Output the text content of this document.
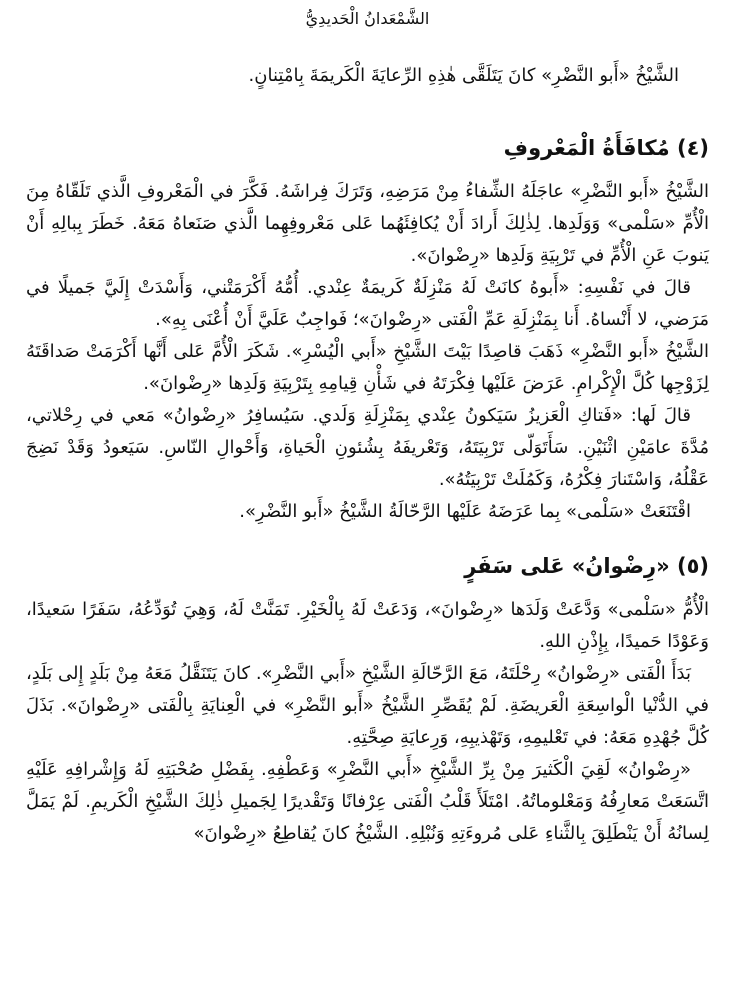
الشَّمْعَدانُ الْحَديدِيُّ

الشَّيْخُ «أَبو النَّضْرِ» كانَ يَتَلَقَّى هٰذِهِ الرِّعايَةَ الْكَريمَةَ بِامْتِنانٍ.

(٤) مُكافَأَةُ الْمَعْروفِ

الشَّيْخُ «أَبو النَّضْرِ» عاجَلَهُ الشِّفاءُ مِنْ مَرَضِهِ، وَتَرَكَ فِراشَهُ. فَكَّرَ في الْمَعْروفِ الَّذي تَلَقّاهُ مِنَ الْأُمِّ «سَلْمى» وَوَلَدِها. لِذٰلِكَ أَرادَ أَنْ يُكافِئَهُما عَلى مَعْروفِهِما الَّذي صَنَعاهُ مَعَهُ. خَطَرَ بِبالِهِ أَنْ يَنوبَ عَنِ الْأُمِّ في تَرْبِيَةِ وَلَدِها «رِضْوانَ».

قالَ في نَفْسِهِ: «أَبوهُ كانَتْ لَهُ مَنْزِلَةٌ كَريمَةٌ عِنْدي. أُمُّهُ أَكْرَمَتْني، وَأَسْدَتْ إِلَيَّ جَميلًا في مَرَضي، لا أَنْساهُ. أَنا بِمَنْزِلَةِ عَمِّ الْفَتى «رِضْوانَ»؛ فَواجِبٌ عَلَيَّ أَنْ أُعْنَى بِهِ».

الشَّيْخُ «أَبو النَّضْرِ» ذَهَبَ قاصِدًا بَيْتَ الشَّيْخِ «أَبي الْيُسْرِ». شَكَرَ الْأُمَّ عَلى أَنَّها أَكْرَمَتْ صَداقَتَهُ لِزَوْجِها كُلَّ الْإِكْرامِ. عَرَضَ عَلَيْها فِكْرَتَهُ في شَأْنِ قِيامِهِ بِتَرْبِيَةِ وَلَدِها «رِضْوانَ».

قالَ لَها: «فَتاكِ الْعَزيزُ سَيَكونُ عِنْدي بِمَنْزِلَةِ وَلَدي. سَيُسافِرُ «رِضْوانُ» مَعي في رِحْلاتي، مُدَّةَ عامَيْنِ اثْنَيْنِ. سَأَتَوَلّى تَرْبِيَتَهُ، وَتَعْريفَهُ بِشُئونِ الْحَياةِ، وَأَحْوالِ النّاسِ. سَيَعودُ وَقَدْ نَضِجَ عَقْلُهُ، وَاسْتَنارَ فِكْرُهُ، وَكَمُلَتْ تَرْبِيَتُهُ».

اقْتَنَعَتْ «سَلْمى» بِما عَرَضَهُ عَلَيْها الرَّحّالَةُ الشَّيْخُ «أَبو النَّضْرِ».

(٥) «رِضْوانُ» عَلى سَفَرٍ

الْأُمُّ «سَلْمى» وَدَّعَتْ وَلَدَها «رِضْوانَ»، وَدَعَتْ لَهُ بِالْخَيْرِ. تَمَنَّتْ لَهُ، وَهِيَ تُوَدِّعُهُ، سَفَرًا سَعيدًا، وَعَوْدًا حَميدًا، بِإِذْنِ اللهِ.

بَدَأَ الْفَتى «رِضْوانُ» رِحْلَتَهُ، مَعَ الرَّحّالَةِ الشَّيْخِ «أَبي النَّضْرِ». كانَ يَتَنَقَّلُ مَعَهُ مِنْ بَلَدٍ إِلى بَلَدٍ، في الدُّنْيا الْواسِعَةِ الْعَريضَةِ. لَمْ يُقَصِّرِ الشَّيْخُ «أَبو النَّضْرِ» في الْعِنايَةِ بِالْفَتى «رِضْوانَ». بَذَلَ كُلَّ جُهْدِهِ مَعَهُ: في تَعْليمِهِ، وَتَهْذيبِهِ، وَرِعايَةِ صِحَّتِهِ.

«رِضْوانُ» لَقِيَ الْكَثيرَ مِنْ بِرِّ الشَّيْخِ «أَبي النَّضْرِ» وَعَطْفِهِ. بِفَضْلِ صُحْبَتِهِ لَهُ وَإِشْرافِهِ عَلَيْهِ اتَّسَعَتْ مَعارِفُهُ وَمَعْلوماتُهُ. امْتَلَأَ قَلْبُ الْفَتى عِرْفانًا وَتَقْديرًا لِجَميلِ ذٰلِكَ الشَّيْخِ الْكَريمِ. لَمْ يَمَلَّ لِسانُهُ أَنْ يَنْطَلِقَ بِالثَّناءِ عَلى مُروءَتِهِ وَنُبْلِهِ. الشَّيْخُ كانَ يُقاطِعُ «رِضْوانَ»
